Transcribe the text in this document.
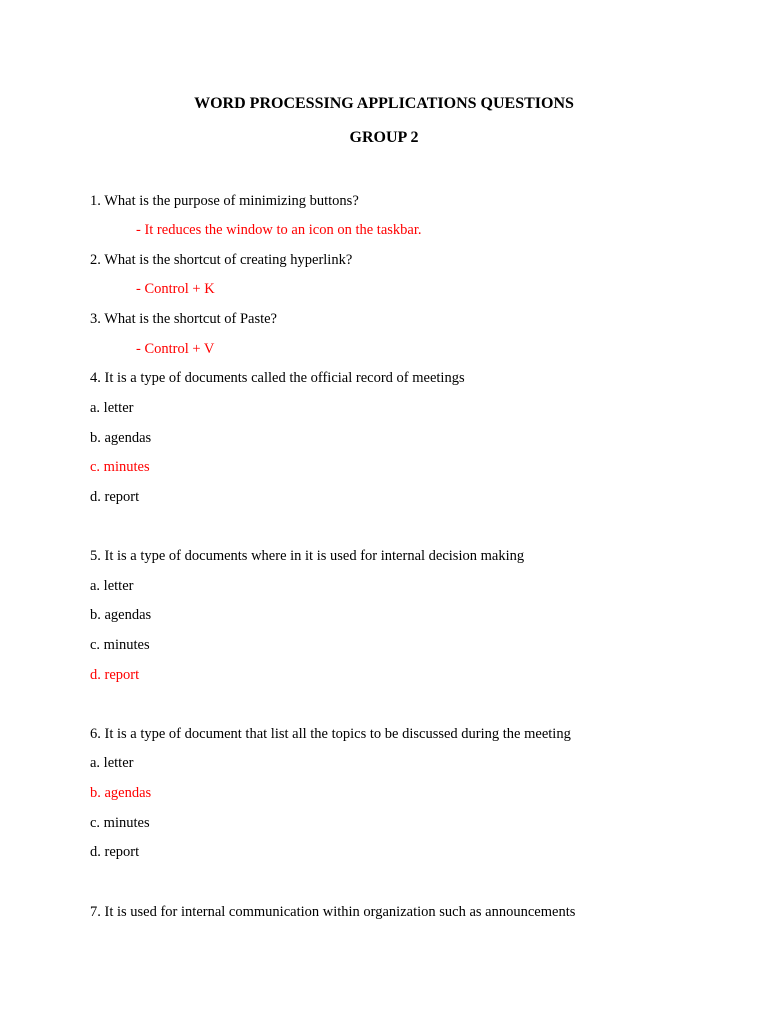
WORD PROCESSING APPLICATIONS QUESTIONS
GROUP 2
1. What is the purpose of minimizing buttons?
- It reduces the window to an icon on the taskbar.
2. What is the shortcut of creating hyperlink?
- Control + K
3. What is the shortcut of Paste?
- Control + V
4. It is a type of documents called the official record of meetings
a. letter
b. agendas
c. minutes
d. report
5. It is a type of documents where in it is used for internal decision making
a. letter
b. agendas
c. minutes
d. report
6. It is a type of document that list all the topics to be discussed during the meeting
a. letter
b. agendas
c. minutes
d. report
7. It is used for internal communication within organization such as announcements
